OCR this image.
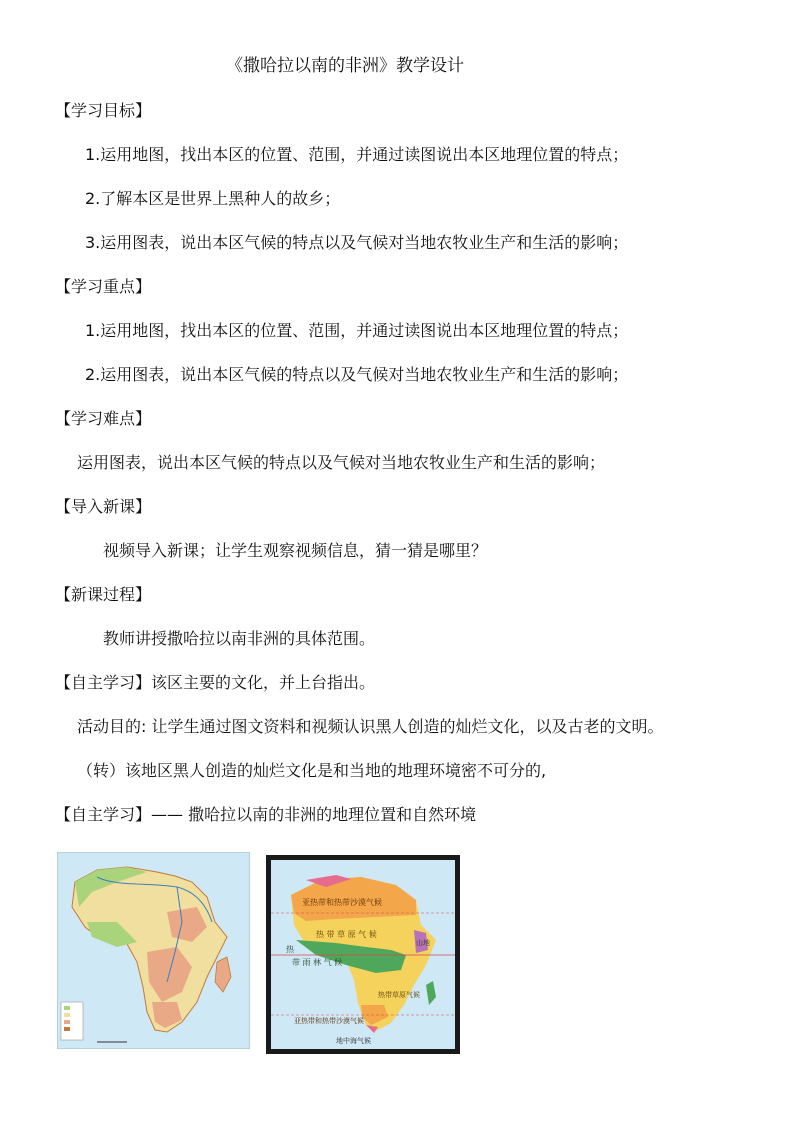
《撒哈拉以南的非洲》教学设计
【学习目标】
1.运用地图，找出本区的位置、范围，并通过读图说出本区地理位置的特点；
2.了解本区是世界上黑种人的故乡；
3.运用图表，说出本区气候的特点以及气候对当地农牧业生产和生活的影响；
【学习重点】
1.运用地图，找出本区的位置、范围，并通过读图说出本区地理位置的特点；
2.运用图表，说出本区气候的特点以及气候对当地农牧业生产和生活的影响；
【学习难点】
运用图表，说出本区气候的特点以及气候对当地农牧业生产和生活的影响；
【导入新课】
视频导入新课；让学生观察视频信息，猜一猜是哪里？
【新课过程】
教师讲授撒哈拉以南非洲的具体范围。
【自主学习】该区主要的文化，并上台指出。
活动目的: 让学生通过图文资料和视频认识黑人创造的灿烂文化，以及古老的文明。
（转）该地区黑人创造的灿烂文化是和当地的地理环境密不可分的,
【自主学习】—— 撒哈拉以南的非洲的地理位置和自然环境
亚热带和热带沙漠气候
热 带 草 原 气 候
热
带 雨 林 气 候
热带草原气候
亚热带和热带沙漠气候
地中海气候
山地
